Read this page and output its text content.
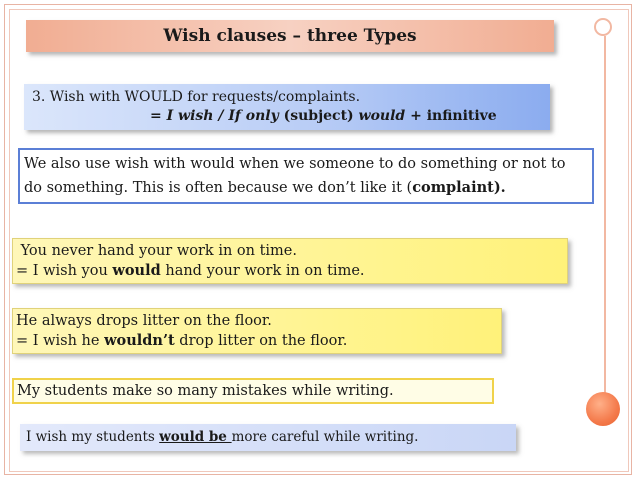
Wish clauses – three Types
3. Wish with WOULD for requests/complaints.
= I wish / If only (subject) would + infinitive
We also use wish with would when we someone to do something or not to do something. This is often because we don’t like it (complaint).
You never hand your work in on time.
= I wish you would hand your work in on time.
He always drops litter on the floor.
= I wish he wouldn’t drop litter on the floor.
My students make so many mistakes while writing.
I wish my students would be more careful while writing.
